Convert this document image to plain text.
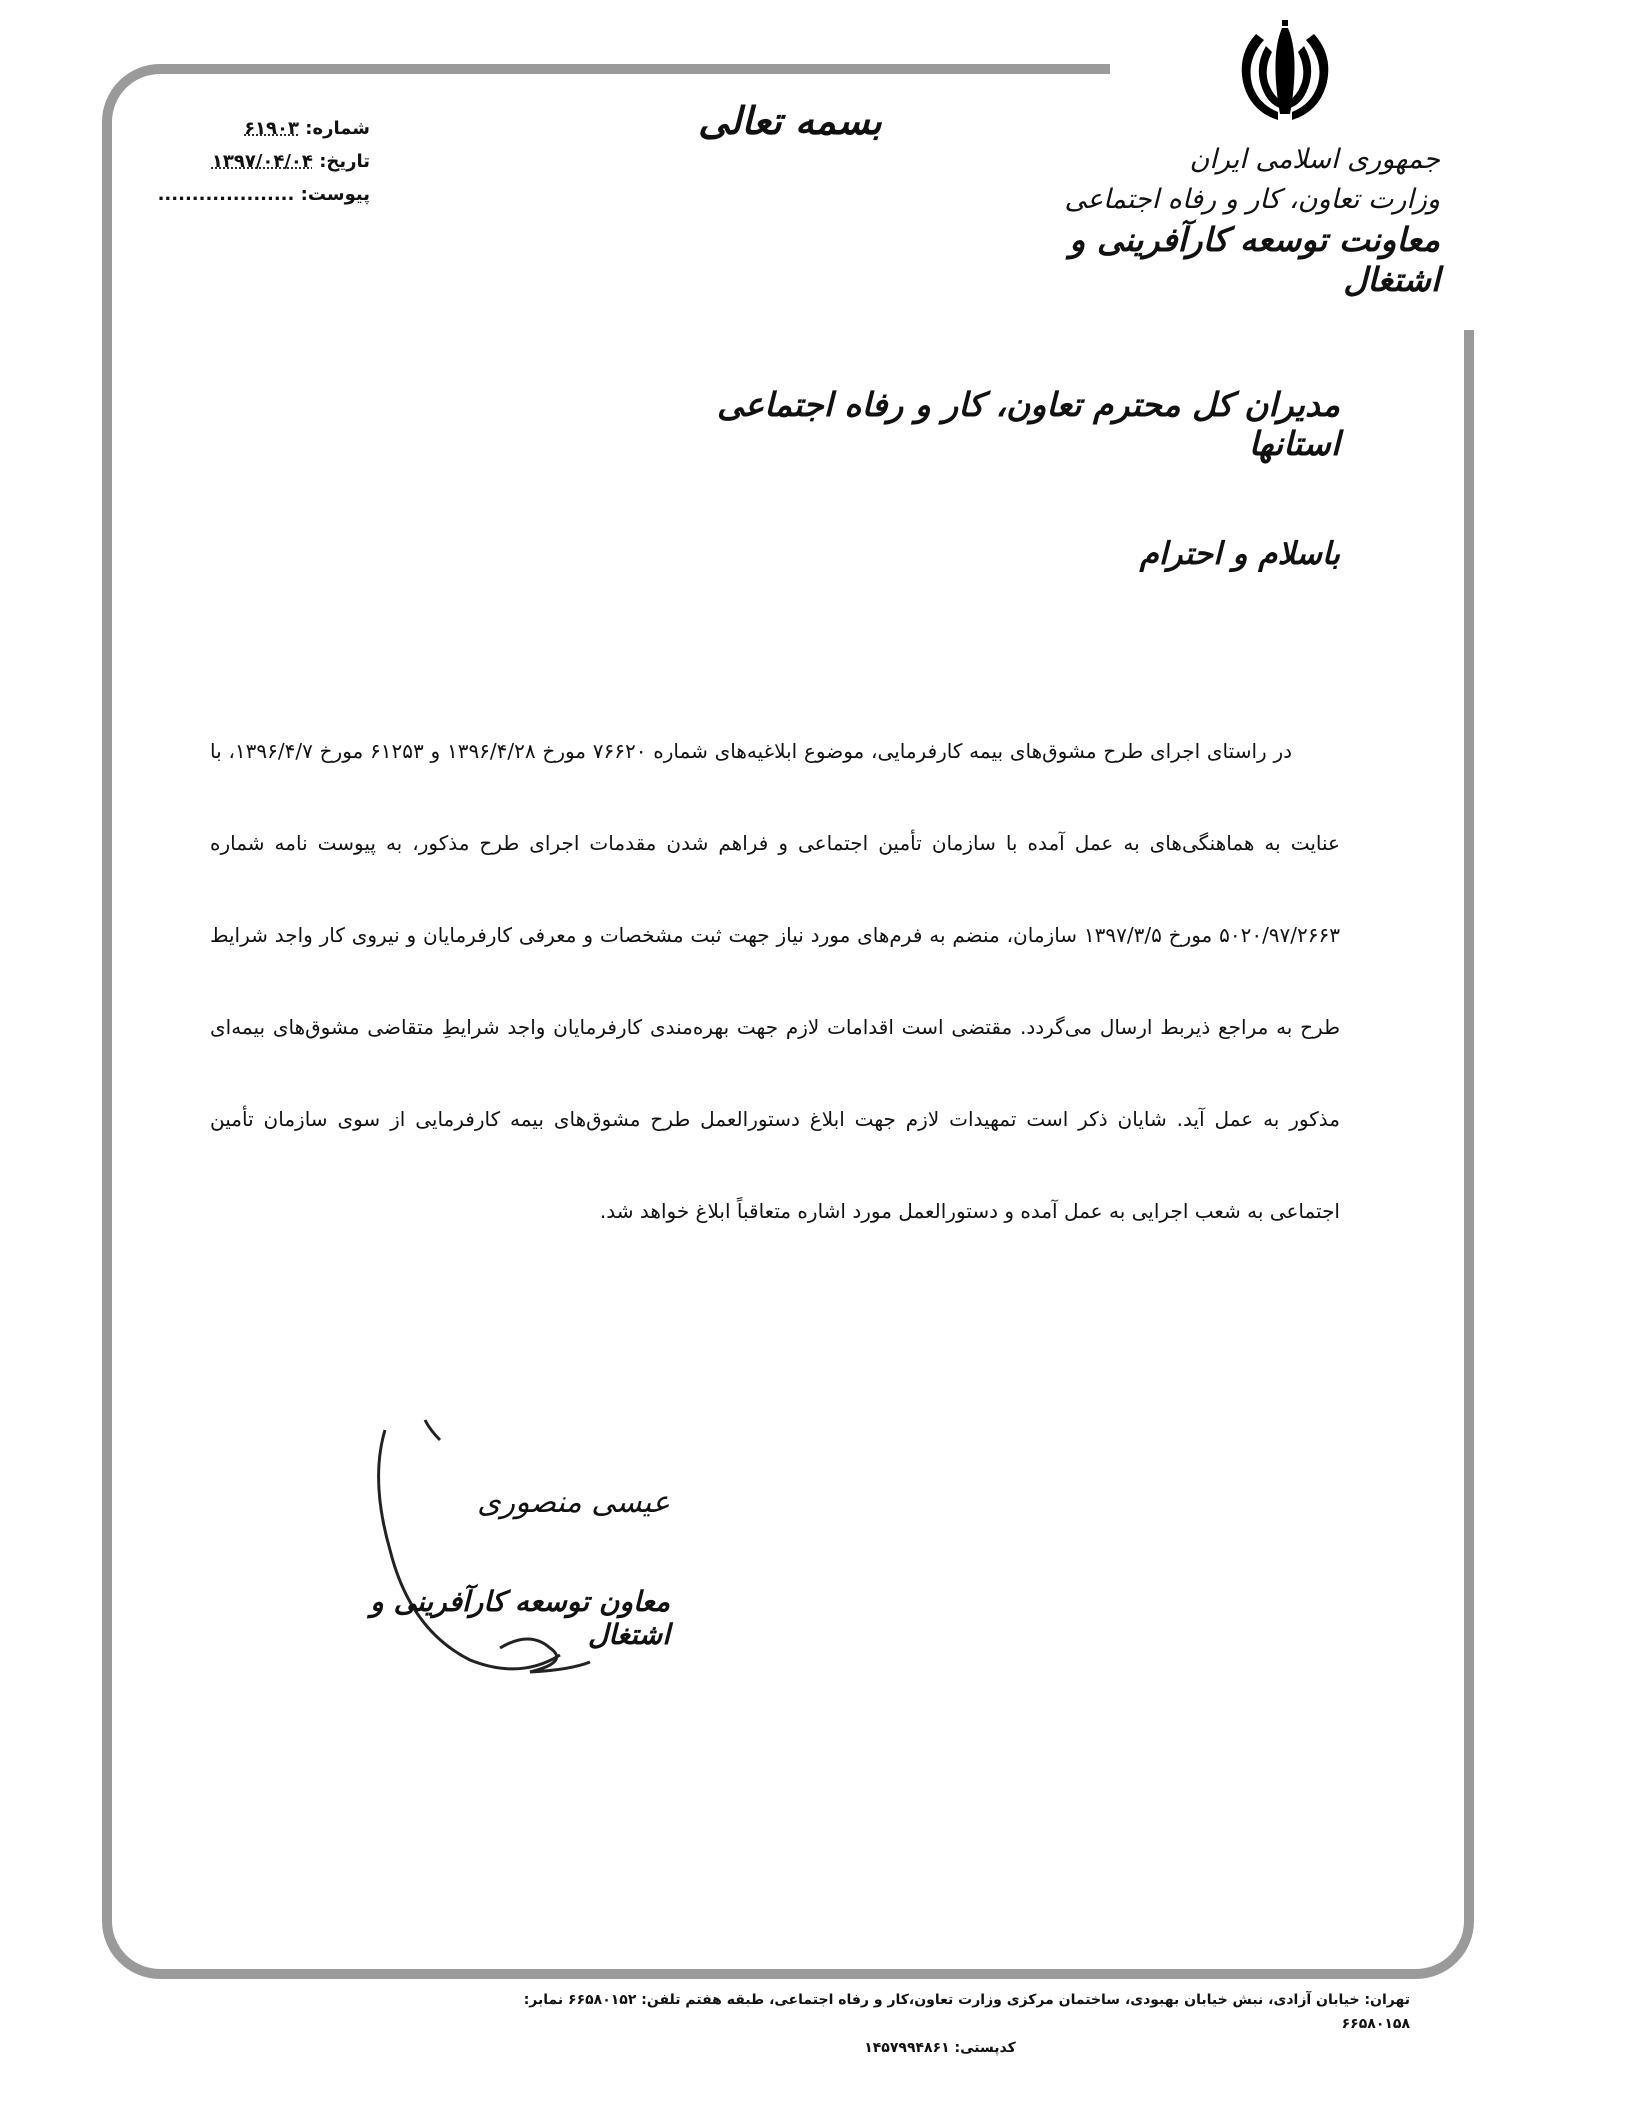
جمهوری اسلامی ایران
وزارت تعاون، کار و رفاه اجتماعی
معاونت توسعه کارآفرینی و اشتغال
بسمه تعالی
شماره: ۶۱۹۰۳
تاریخ: ۱۳۹۷/۰۴/۰۴
پیوست: ....................
مدیران کل محترم تعاون، کار و رفاه اجتماعی استانها
باسلام و احترام
در راستای اجرای طرح مشوق‌های بیمه کارفرمایی، موضوع ابلاغیه‌های شماره ۷۶۶۲۰ مورخ ۱۳۹۶/۴/۲۸ و ۶۱۲۵۳ مورخ ۱۳۹۶/۴/۷، با عنایت به هماهنگی‌های به عمل آمده با سازمان تأمین اجتماعی و فراهم شدن مقدمات اجرای طرح مذکور، به پیوست نامه شماره ۵۰۲۰/۹۷/۲۶۶۳ مورخ ۱۳۹۷/۳/۵ سازمان، منضم به فرم‌های مورد نیاز جهت ثبت مشخصات و معرفی کارفرمایان و نیروی کار واجد شرایط طرح به مراجع ذیربط ارسال می‌گردد. مقتضی است اقدامات لازم جهت بهره‌مندی کارفرمایان واجد شرایطِ متقاضی مشوق‌های بیمه‌ای مذکور به عمل آید. شایان ذکر است تمهیدات لازم جهت ابلاغ دستورالعمل طرح مشوق‌های بیمه کارفرمایی از سوی سازمان تأمین اجتماعی به شعب اجرایی به عمل آمده و دستورالعمل مورد اشاره متعاقباً ابلاغ خواهد شد.
عیسی منصوری
معاون توسعه کارآفرینی و اشتغال
تهران: خیابان آزادی، نبش خیابان بهبودی، ساختمان مرکزی وزارت تعاون،کار و رفاه اجتماعی، طبقه هفتم تلفن: ۶۶۵۸۰۱۵۲ نمابر: ۶۶۵۸۰۱۵۸
کدپستی: ۱۴۵۷۹۹۴۸۶۱
